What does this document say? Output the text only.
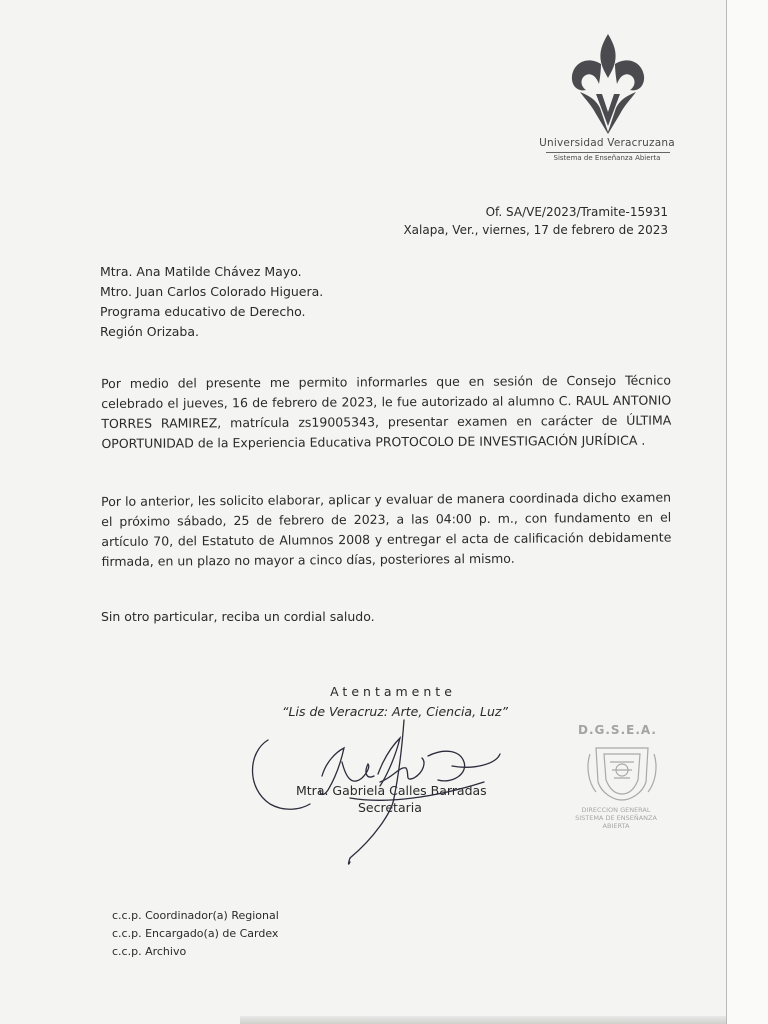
Universidad Veracruzana
Sistema de Enseñanza Abierta
Of. SA/VE/2023/Tramite-15931
Xalapa, Ver., viernes, 17 de febrero de 2023
Mtra. Ana Matilde Chávez Mayo.
Mtro. Juan Carlos Colorado Higuera.
Programa educativo de Derecho.
Región Orizaba.
Por medio del presente me permito informarles que en sesión de Consejo Técnico celebrado el jueves, 16 de febrero de 2023, le fue autorizado al alumno C. RAUL ANTONIO TORRES RAMIREZ, matrícula zs19005343, presentar examen en carácter de ÚLTIMA OPORTUNIDAD de la Experiencia Educativa PROTOCOLO DE INVESTIGACIÓN JURÍDICA .
Por lo anterior, les solicito elaborar, aplicar y evaluar de manera coordinada dicho examen el próximo sábado, 25 de febrero de 2023, a las 04:00 p. m., con fundamento en el artículo 70, del Estatuto de Alumnos 2008 y entregar el acta de calificación debidamente firmada, en un plazo no mayor a cinco días, posteriores al mismo.
Sin otro particular, reciba un cordial saludo.
Atentamente
“Lis de Veracruz: Arte, Ciencia, Luz”
Mtra. Gabriela Calles Barradas
Secretaria
D.G.S.E.A.
DIRECCION GENERAL
SISTEMA DE ENSEÑANZA
ABIERTA
c.c.p. Coordinador(a) Regional
c.c.p. Encargado(a) de Cardex
c.c.p. Archivo
